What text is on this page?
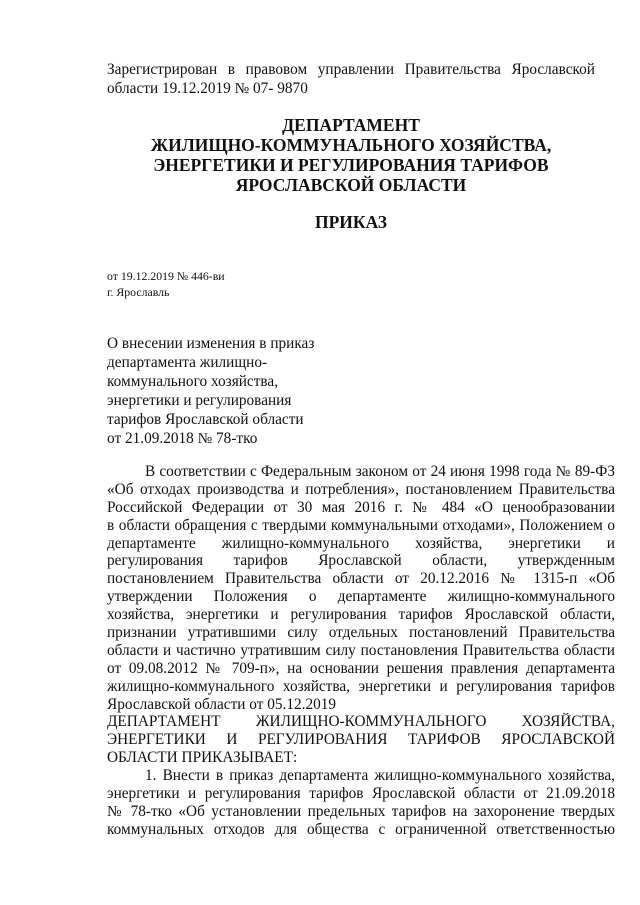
Зарегистрирован в правовом управлении Правительства Ярославской
области 19.12.2019 № 07- 9870
ДЕПАРТАМЕНТ
ЖИЛИЩНО-КОММУНАЛЬНОГО ХОЗЯЙСТВА,
ЭНЕРГЕТИКИ И РЕГУЛИРОВАНИЯ ТАРИФОВ
ЯРОСЛАВСКОЙ ОБЛАСТИ
ПРИКАЗ
от 19.12.2019 № 446-ви
г. Ярославль
О внесении изменения в приказ
департамента жилищно-
коммунального хозяйства,
энергетики и регулирования
тарифов Ярославской области
от 21.09.2018 № 78-тко
В соответствии с Федеральным законом от 24 июня 1998 года № 89-ФЗ
«Об отходах производства и потребления», постановлением Правительства
Российской Федерации от 30 мая 2016 г. № 484 «О ценообразовании
в области обращения с твердыми коммунальными отходами», Положением о
департаменте жилищно-коммунального хозяйства, энергетики и
регулирования тарифов Ярославской области, утвержденным
постановлением Правительства области от 20.12.2016 № 1315-п «Об
утверждении Положения о департаменте жилищно-коммунального
хозяйства, энергетики и регулирования тарифов Ярославской области,
признании утратившими силу отдельных постановлений Правительства
области и частично утратившим силу постановления Правительства области
от 09.08.2012 № 709-п», на основании решения правления департамента
жилищно-коммунального хозяйства, энергетики и регулирования тарифов
Ярославской области от 05.12.2019
ДЕПАРТАМЕНТ ЖИЛИЩНО-КОММУНАЛЬНОГО ХОЗЯЙСТВА,
ЭНЕРГЕТИКИ И РЕГУЛИРОВАНИЯ ТАРИФОВ ЯРОСЛАВСКОЙ
ОБЛАСТИ ПРИКАЗЫВАЕТ:
1. Внести в приказ департамента жилищно-коммунального хозяйства,
энергетики и регулирования тарифов Ярославской области от 21.09.2018
№ 78-тко «Об установлении предельных тарифов на захоронение твердых
коммунальных отходов для общества с ограниченной ответственностью
